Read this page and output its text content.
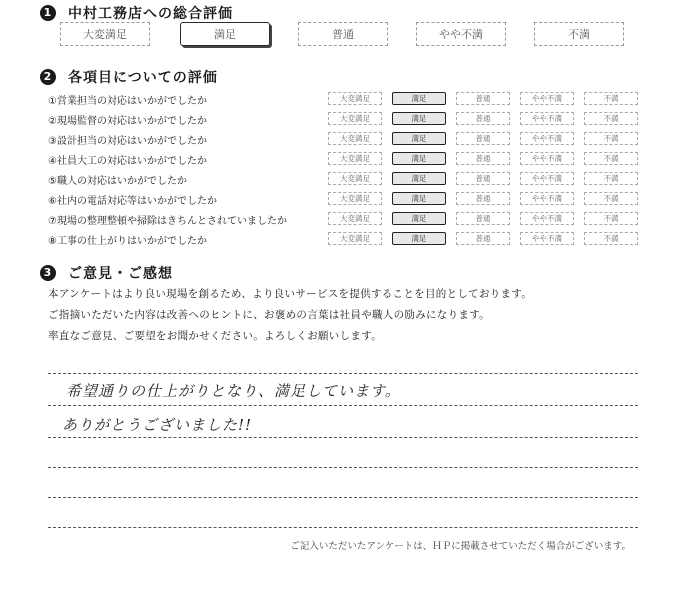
1 中村工務店への総合評価
大変満足	満足	普通	やや不満	不満
2 各項目についての評価
①営業担当の対応はいかがでしたか	大変満足	満足	普通	やや不満	不満
②現場監督の対応はいかがでしたか	大変満足	満足	普通	やや不満	不満
③設計担当の対応はいかがでしたか	大変満足	満足	普通	やや不満	不満
④社員大工の対応はいかがでしたか	大変満足	満足	普通	やや不満	不満
⑤職人の対応はいかがでしたか	大変満足	満足	普通	やや不満	不満
⑥社内の電話対応等はいかがでしたか	大変満足	満足	普通	やや不満	不満
⑦現場の整理整頓や掃除はきちんとされていましたか	大変満足	満足	普通	やや不満	不満
⑧工事の仕上がりはいかがでしたか	大変満足	満足	普通	やや不満	不満
3 ご意見・ご感想
本アンケートはより良い現場を創るため、より良いサービスを提供することを目的としております。
ご指摘いただいた内容は改善へのヒントに、お褒めの言葉は社員や職人の励みになります。
率直なご意見、ご要望をお聞かせください。よろしくお願いします。
希望通りの仕上がりとなり、満足しています。
ありがとうございました!!
ご記入いただいたアンケートは、ＨＰに掲載させていただく場合がございます。
